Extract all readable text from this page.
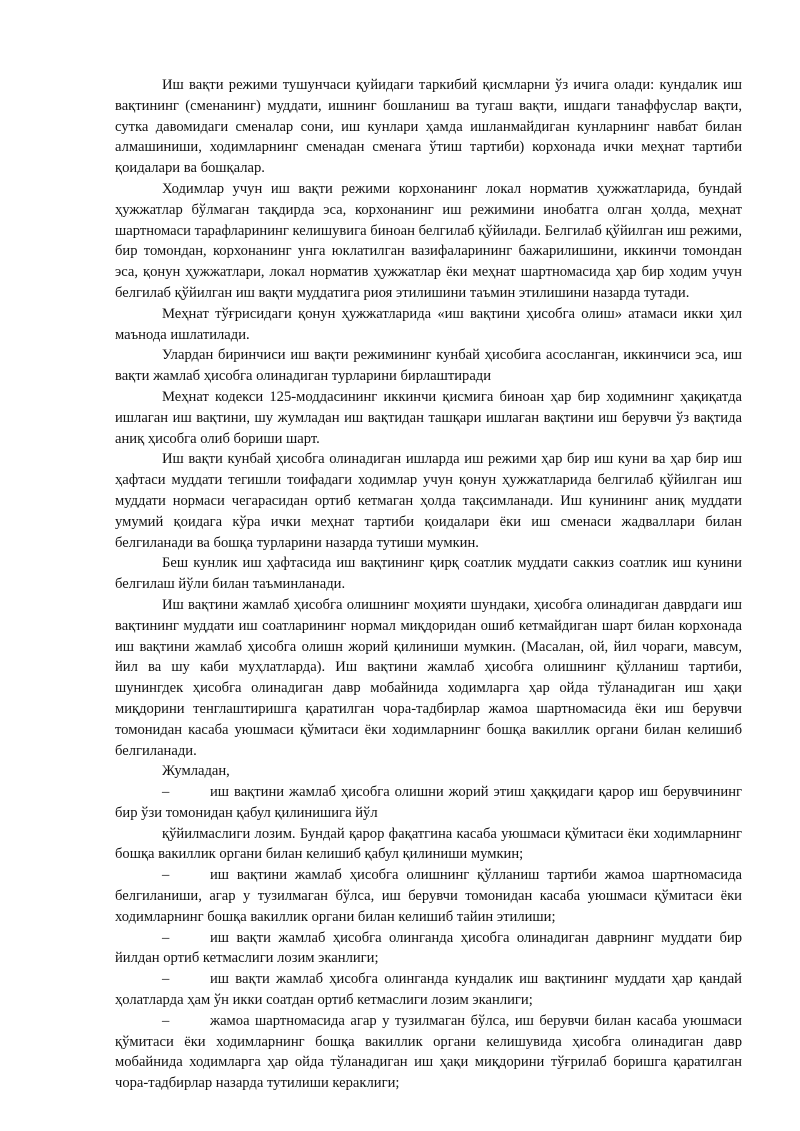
Иш вақти режими тушунчаси қуйидаги таркибий қисмларни ўз ичига олади: кундалик иш вақтининг (сменанинг) муддати, ишнинг бошланиш ва тугаш вақти, ишдаги танаффуслар вақти, сутка давомидаги сменалар сони, иш кунлари ҳамда ишланмайдиган кунларнинг навбат билан алмашиниши, ходимларнинг сменадан сменага ўтиш тартиби) корхонада ички меҳнат тартиби қоидалари ва бошқалар.

Ходимлар учун иш вақти режими корхонанинг локал норматив ҳужжатларида, бундай ҳужжатлар бўлмаган тақдирда эса, корхонанинг иш режимини инобатга олган ҳолда, меҳнат шартномаси тарафларининг келишувига биноан белгилаб қўйилади. Белгилаб қўйилган иш режими, бир томондан, корхонанинг унга юклатилган вазифаларининг бажарилишини, иккинчи томондан эса, қонун ҳужжатлари, локал норматив ҳужжатлар ёки меҳнат шартномасида ҳар бир ходим учун белгилаб қўйилган иш вақти муддатига риоя этилишини таъмин этилишини назарда тутади.

Меҳнат тўғрисидаги қонун ҳужжатларида «иш вақтини ҳисобга олиш» атамаси икки ҳил маънода ишлатилади.

Улардан биринчиси иш вақти режимининг кунбай ҳисобига асосланган, иккинчиси эса, иш вақти жамлаб ҳисобга олинадиган турларини бирлаштиради

Меҳнат кодекси 125-моддасининг иккинчи қисмига биноан ҳар бир ходимнинг ҳақиқатда ишлаган иш вақтини, шу жумладан иш вақтидан ташқари ишлаган вақтини иш берувчи ўз вақтида аниқ ҳисобга олиб бориши шарт.

Иш вақти кунбай ҳисобга олинадиган ишларда иш режими ҳар бир иш куни ва ҳар бир иш ҳафтаси муддати тегишли тоифадаги ходимлар учун қонун ҳужжатларида белгилаб қўйилган иш муддати нормаси чегарасидан ортиб кетмаган ҳолда тақсимланади. Иш кунининг аниқ муддати умумий қоидага кўра ички меҳнат тартиби қоидалари ёки иш сменаси жадваллари билан белгиланади ва бошқа турларини назарда тутиши мумкин.

Беш кунлик иш ҳафтасида иш вақтининг қирқ соатлик муддати саккиз соатлик иш кунини белгилаш йўли билан таъминланади.

Иш вақтини жамлаб ҳисобга олишнинг моҳияти шундаки, ҳисобга олинадиган даврдаги иш вақтининг муддати иш соатларининг нормал миқдоридан ошиб кетмайдиган шарт билан корхонада иш вақтини жамлаб ҳисобга олишн жорий қилиниши мумкин. (Масалан, ой, йил чораги, мавсум, йил ва шу каби муҳлатларда). Иш вақтини жамлаб ҳисобга олишнинг қўлланиш тартиби, шунингдек ҳисобга олинадиган давр мобайнида ходимларга ҳар ойда тўланадиган иш ҳақи миқдорини тенглаштиришга қаратилган чора-тадбирлар жамоа шартномасида ёки иш берувчи томонидан касаба уюшмаси қўмитаси ёки ходимларнинг бошқа вакиллик органи билан келишиб белгиланади.

Жумладан,

–	иш вақтини жамлаб ҳисобга олишни жорий этиш ҳаққидаги қарор иш берувчининг бир ўзи томонидан қабул қилинишига йўл

қўйилмаслиги лозим. Бундай қарор фақатгина касаба уюшмаси қўмитаси ёки ходимларнинг бошқа вакиллик органи билан келишиб қабул қилиниши мумкин;

–	иш вақтини жамлаб ҳисобга олишнинг қўлланиш тартиби жамоа шартномасида белгиланиши, агар у тузилмаган бўлса, иш берувчи томонидан касаба уюшмаси қўмитаси ёки ходимларнинг бошқа вакиллик органи билан келишиб тайин этилиши;

–	иш вақти жамлаб ҳисобга олинганда ҳисобга олинадиган даврнинг муддати бир йилдан ортиб кетмаслиги лозим эканлиги;

–	иш вақти жамлаб ҳисобга олинганда кундалик иш вақтининг муддати ҳар қандай ҳолатларда ҳам ўн икки соатдан ортиб кетмаслиги лозим эканлиги;

–	жамоа шартномасида агар у тузилмаган бўлса, иш берувчи билан касаба уюшмаси қўмитаси ёки ходимларнинг бошқа вакиллик органи келишувида ҳисобга олинадиган давр мобайнида ходимларга ҳар ойда тўланадиган иш ҳақи миқдорини тўғрилаб боришга қаратилган чора-тадбирлар назарда тутилиши кераклиги;
